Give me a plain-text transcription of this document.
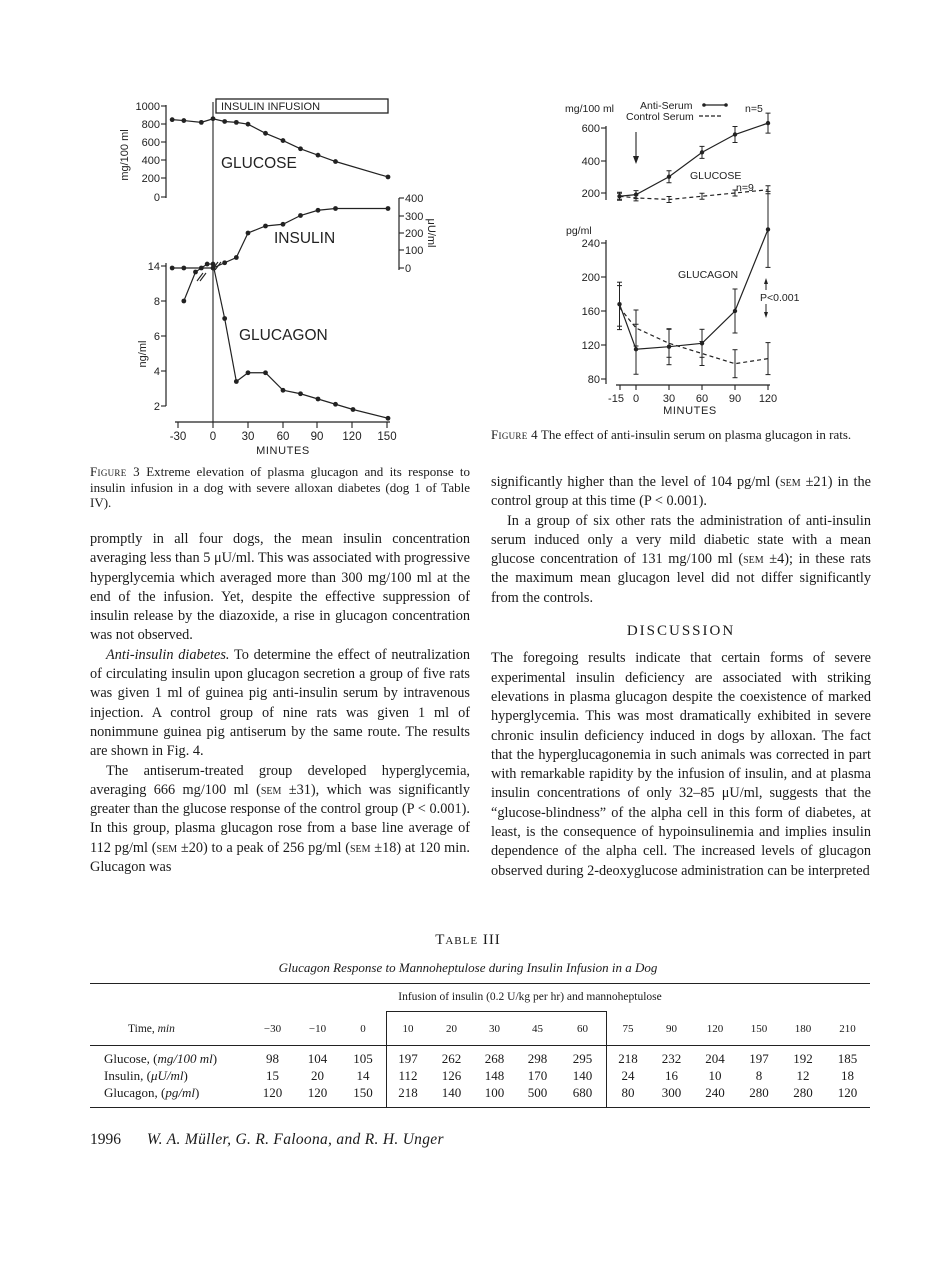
INSULIN INFUSION
1000
800
600
400
200
0
mg/100 ml
400
300
200
100
0
μU/ml
14
8
6
4
2
ng/ml
-30 0 30 60 90 120 150
MINUTES
GLUCOSE
INSULIN
GLUCAGON
Figure 3 Extreme elevation of plasma glucagon and its response to insulin infusion in a dog with severe alloxan diabetes (dog 1 of Table IV).
mg/100 ml Anti-Serum
Control Serum
600
400
200
pg/ml
240
200
160
120
80
-15 0 30 60 90 120
MINUTES
GLUCOSE
GLUCAGON
n=5
n=9
P<0.001
Figure 4 The effect of anti-insulin serum on plasma glucagon in rats.

promptly in all four dogs, the mean insulin concentration averaging less than 5 μU/ml. This was associated with progressive hyperglycemia which averaged more than 300 mg/100 ml at the end of the infusion. Yet, despite the effective suppression of insulin release by the diazoxide, a rise in glucagon concentration was not observed.

Anti-insulin diabetes. To determine the effect of neutralization of circulating insulin upon glucagon secretion a group of five rats was given 1 ml of guinea pig anti-insulin serum by intravenous injection. A control group of nine rats was given 1 ml of nonimmune guinea pig antiserum by the same route. The results are shown in Fig. 4.

The antiserum-treated group developed hyperglycemia, averaging 666 mg/100 ml (sem ±31), which was significantly greater than the glucose response of the control group (P < 0.001). In this group, plasma glucagon rose from a base line average of 112 pg/ml (sem ±20) to a peak of 256 pg/ml (sem ±18) at 120 min. Glucagon was

significantly higher than the level of 104 pg/ml (sem ±21) in the control group at this time (P < 0.001).

In a group of six other rats the administration of anti-insulin serum induced only a very mild diabetic state with a mean glucose concentration of 131 mg/100 ml (sem ±4); in these rats the maximum mean glucagon level did not differ significantly from the controls.

DISCUSSION

The foregoing results indicate that certain forms of severe experimental insulin deficiency are associated with striking elevations in plasma glucagon despite the coexistence of marked hyperglycemia. This was most dramatically exhibited in severe chronic insulin deficiency induced in dogs by alloxan. The fact that the hyperglucagonemia in such animals was corrected in part with remarkable rapidity by the infusion of insulin, and at plasma insulin concentrations of only 32–85 μU/ml, suggests that the “glucose-blindness” of the alpha cell in this form of diabetes, at least, is the consequence of hypoinsulinemia and implies insulin dependence of the alpha cell. The increased levels of glucagon observed during 2-deoxyglucose administration can be interpreted

Table III
Glucagon Response to Mannoheptulose during Insulin Infusion in a Dog
Infusion of insulin (0.2 U/kg per hr) and mannoheptulose
Time, min	−30	−10	0	10	20	30	45	60	75	90	120	150	180	210

Glucose, (mg/100 ml)	98	104	105	197	262	268	298	295	218	232	204	197	192	185
Insulin, (μU/ml)	15	20	14	112	126	148	170	140	24	16	10	8	12	18
Glucagon, (pg/ml)	120	120	150	218	140	100	500	680	80	300	240	280	280	120
1996 W. A. Müller, G. R. Faloona, and R. H. Unger
